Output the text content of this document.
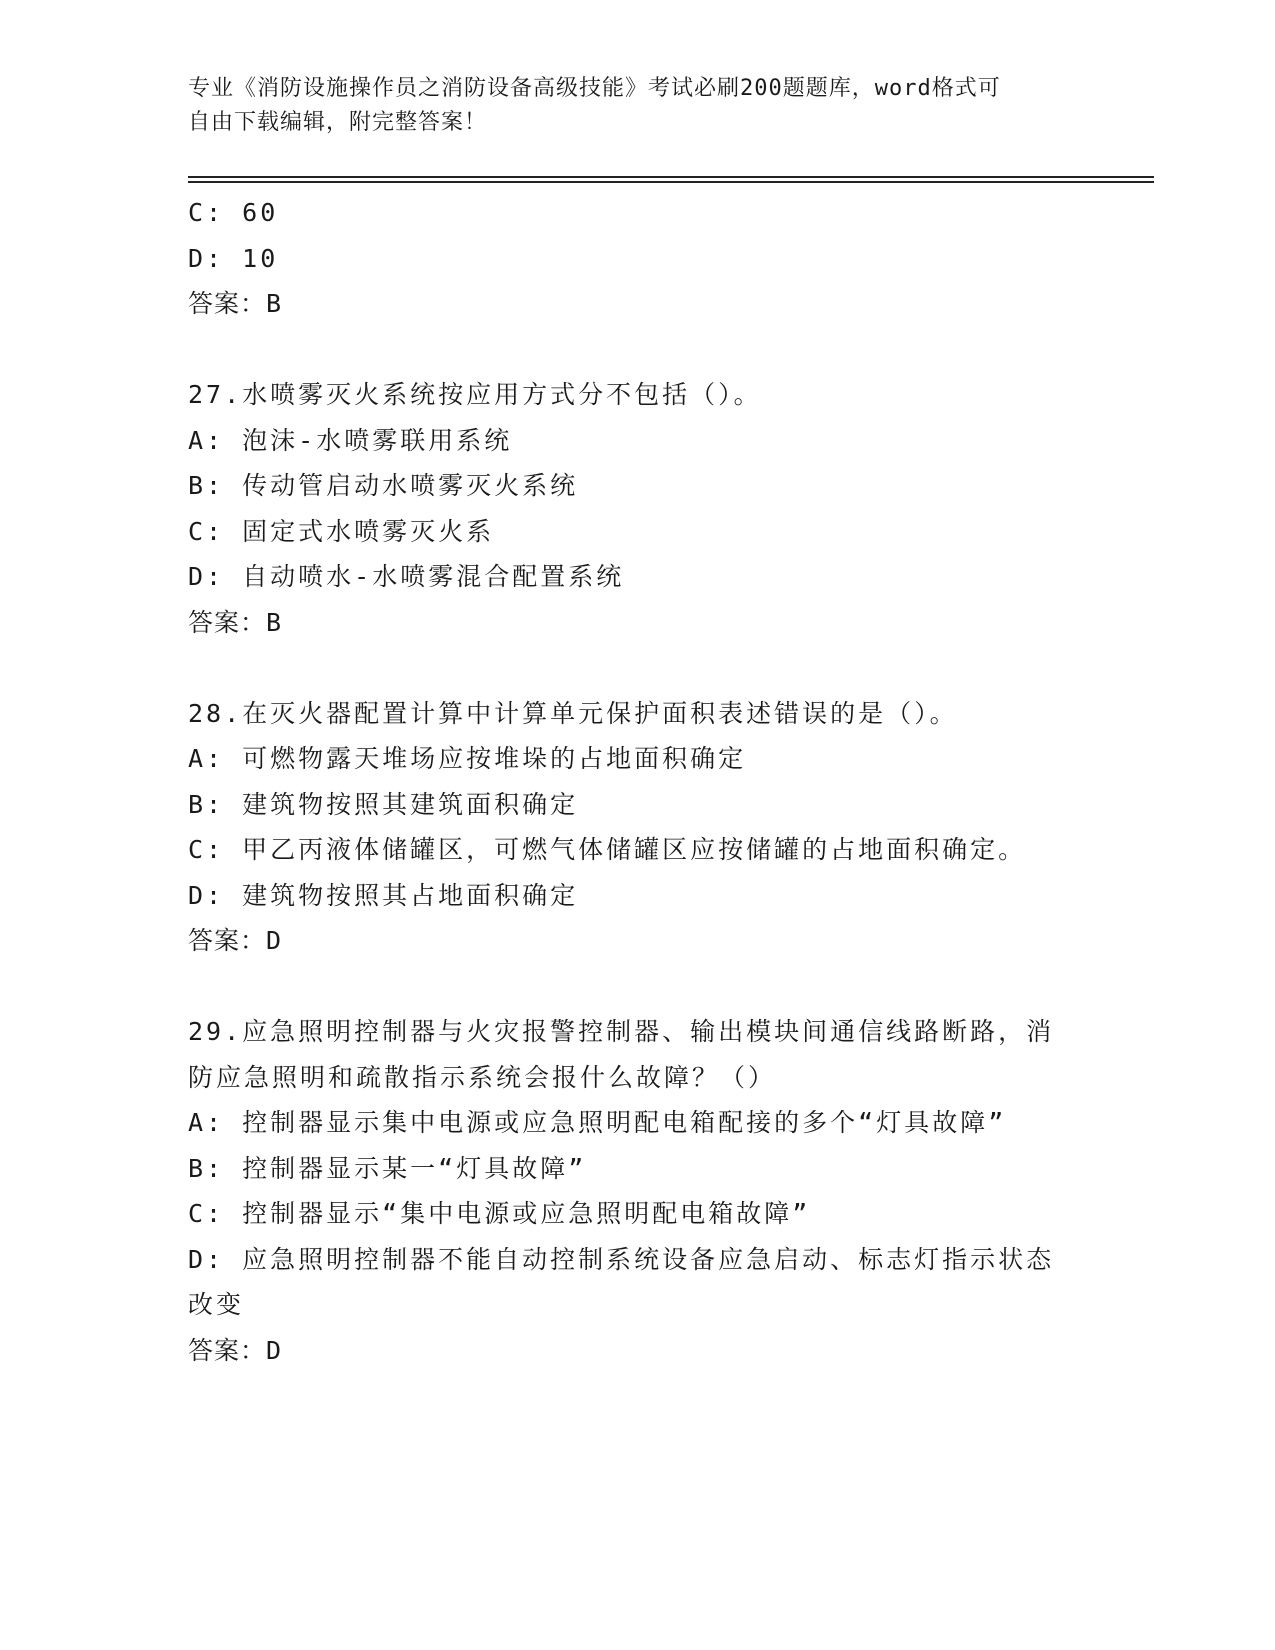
专业《消防设施操作员之消防设备高级技能》考试必刷200题题库，word格式可
自由下载编辑，附完整答案！
C: 60
D: 10
答案：B
27.水喷雾灭火系统按应用方式分不包括（）。
A: 泡沫-水喷雾联用系统
B: 传动管启动水喷雾灭火系统
C: 固定式水喷雾灭火系
D: 自动喷水-水喷雾混合配置系统
答案：B
28.在灭火器配置计算中计算单元保护面积表述错误的是（）。
A: 可燃物露天堆场应按堆垛的占地面积确定
B: 建筑物按照其建筑面积确定
C: 甲乙丙液体储罐区，可燃气体储罐区应按储罐的占地面积确定。
D: 建筑物按照其占地面积确定
答案：D
29.应急照明控制器与火灾报警控制器、输出模块间通信线路断路，消
防应急照明和疏散指示系统会报什么故障？（）
A: 控制器显示集中电源或应急照明配电箱配接的多个“灯具故障”
B: 控制器显示某一“灯具故障”
C: 控制器显示“集中电源或应急照明配电箱故障”
D: 应急照明控制器不能自动控制系统设备应急启动、标志灯指示状态
改变
答案：D
